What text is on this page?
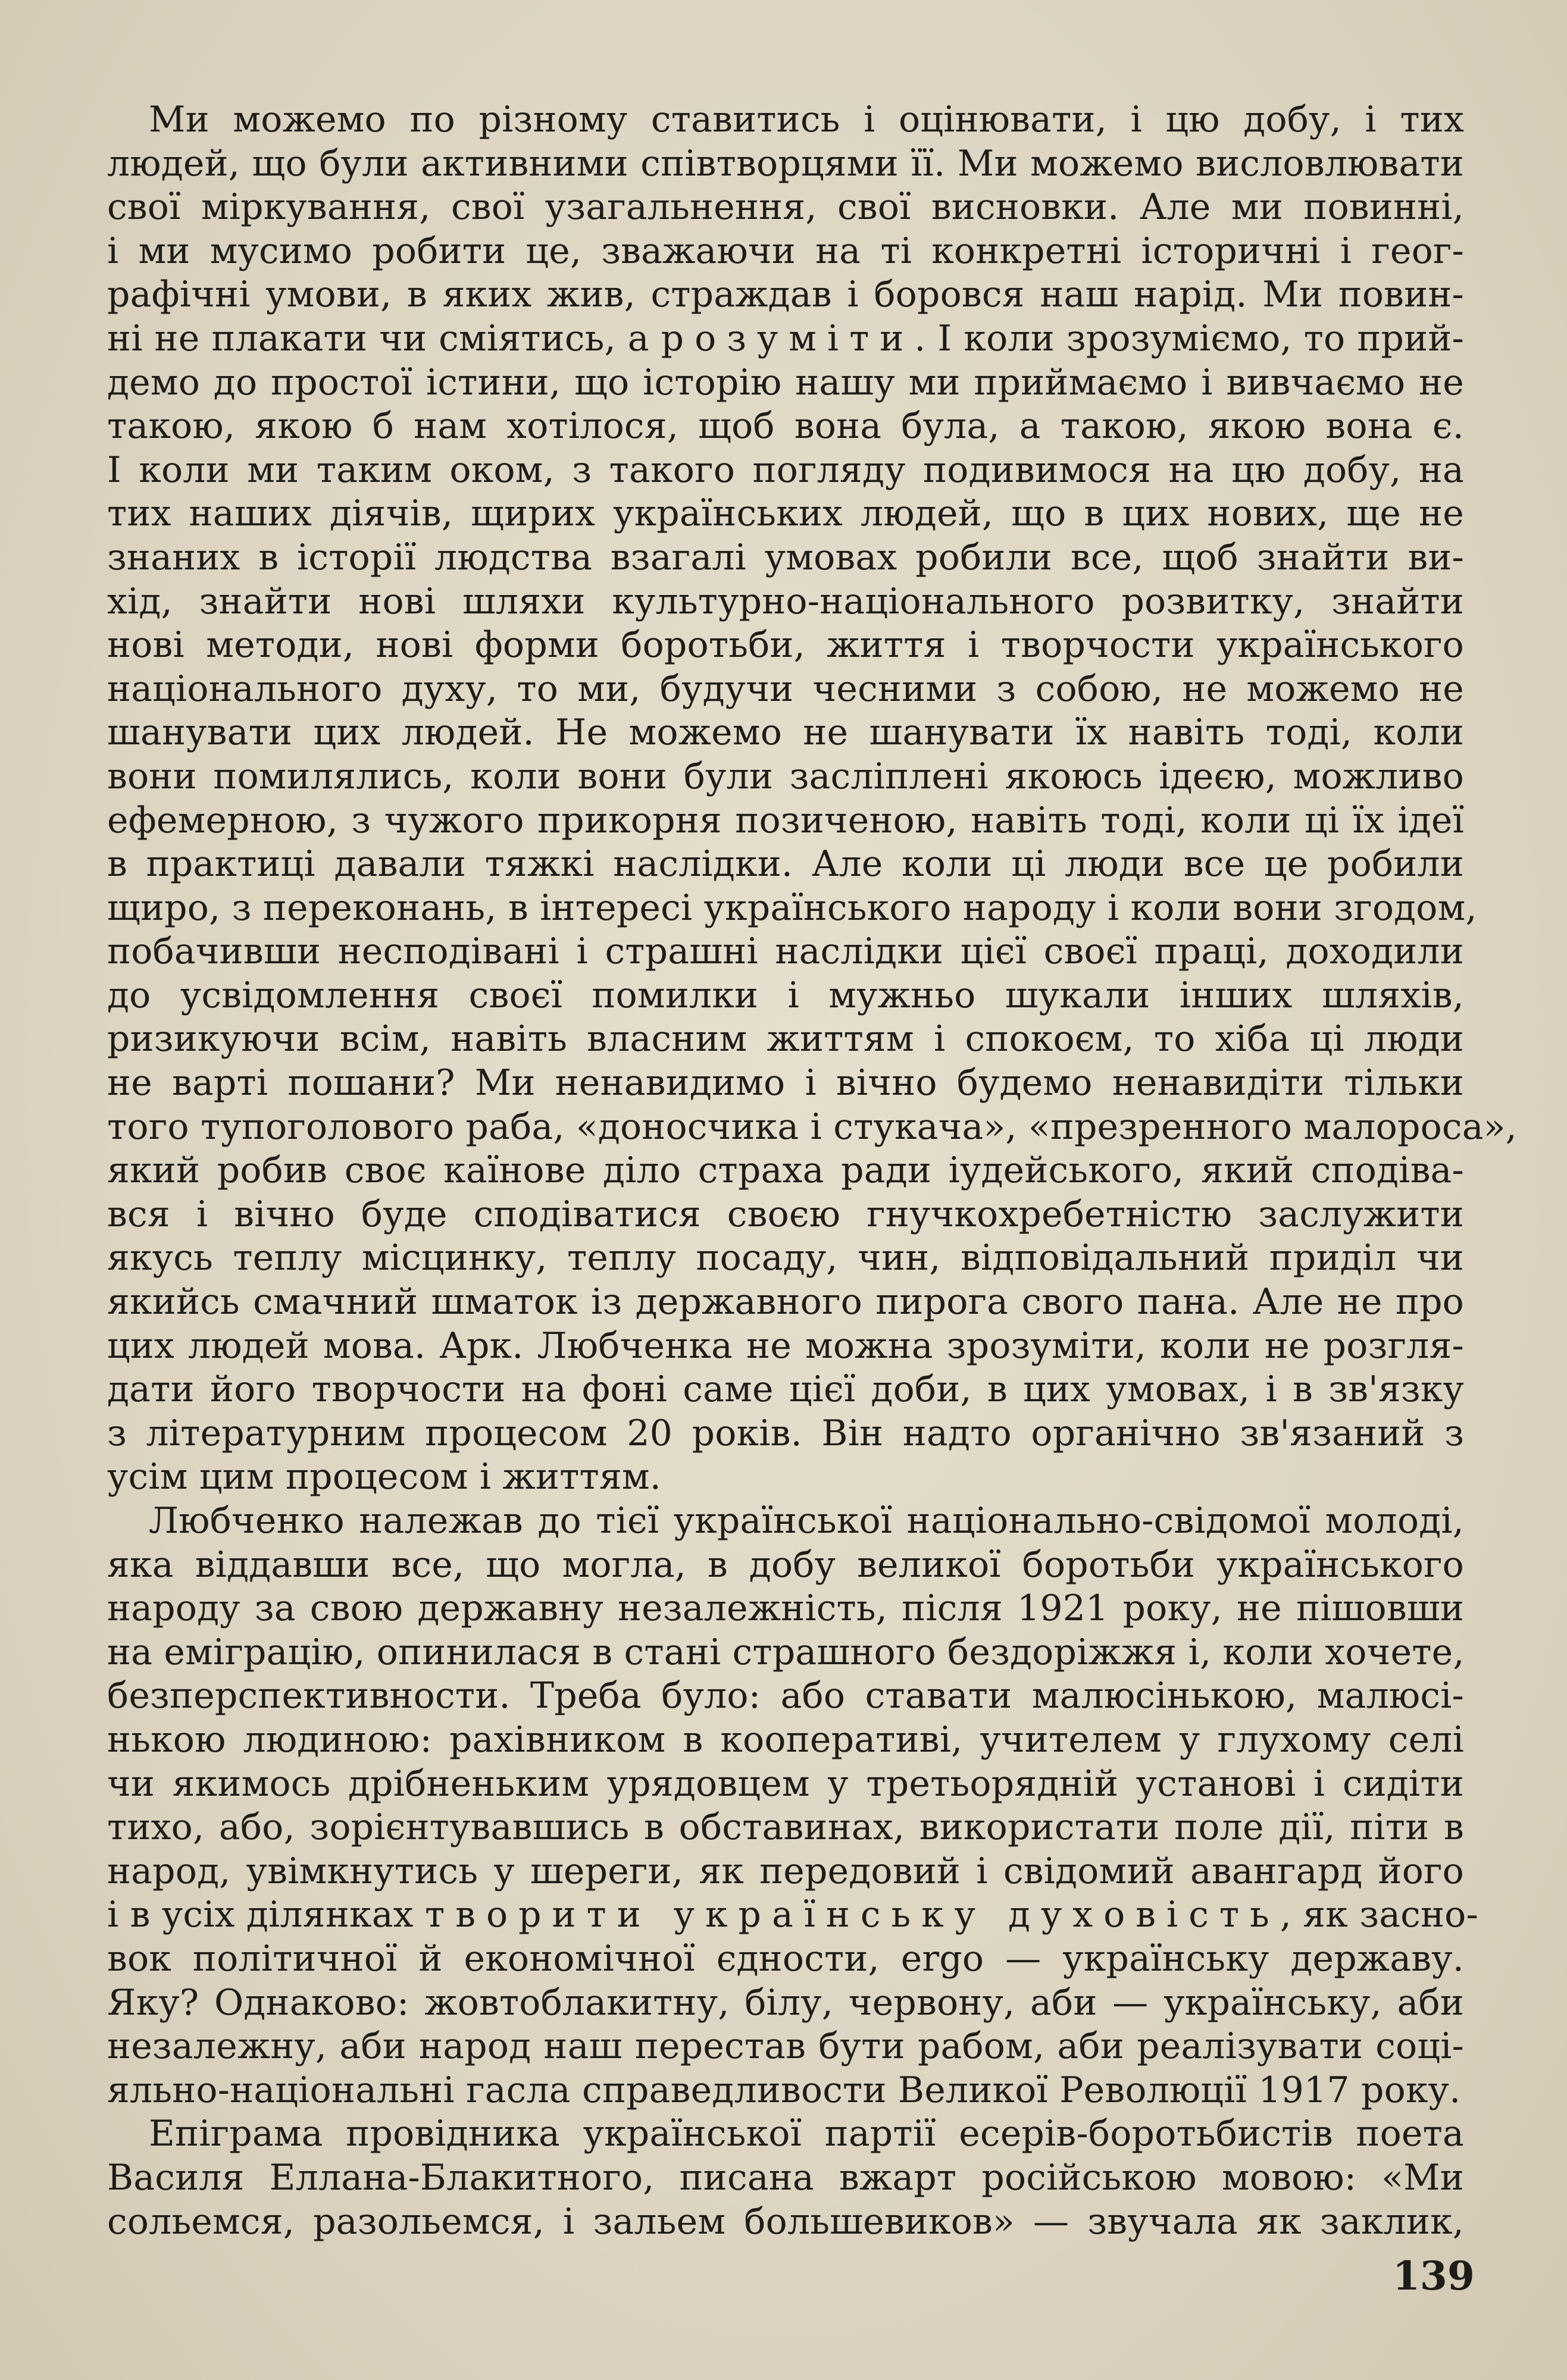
Ми можемо по різному ставитись і оцінювати, і цю добу, і тих
людей, що були активними співтворцями її. Ми можемо висловлювати
свої міркування, свої узагальнення, свої висновки. Але ми повинні,
і ми мусимо робити це, зважаючи на ті конкретні історичні і геог-
рафічні умови, в яких жив, страждав і боровся наш нарід. Ми повин-
ні не плакати чи сміятись, а розуміти. І коли зрозуміємо, то прий-
демо до простої істини, що історію нашу ми приймаємо і вивчаємо не
такою, якою б нам хотілося, щоб вона була, а такою, якою вона є.
І коли ми таким оком, з такого погляду подивимося на цю добу, на
тих наших діячів, щирих українських людей, що в цих нових, ще не
знаних в історії людства взагалі умовах робили все, щоб знайти ви-
хід, знайти нові шляхи культурно-національного розвитку, знайти
нові методи, нові форми боротьби, життя і творчости українського
національного духу, то ми, будучи чесними з собою, не можемо не
шанувати цих людей. Не можемо не шанувати їх навіть тоді, коли
вони помилялись, коли вони були засліплені якоюсь ідеєю, можливо
ефемерною, з чужого прикорня позиченою, навіть тоді, коли ці їх ідеї
в практиці давали тяжкі наслідки. Але коли ці люди все це робили
щиро, з переконань, в інтересі українського народу і коли вони згодом,
побачивши несподівані і страшні наслідки цієї своєї праці, доходили
до усвідомлення своєї помилки і мужньо шукали інших шляхів,
ризикуючи всім, навіть власним життям і спокоєм, то хіба ці люди
не варті пошани? Ми ненавидимо і вічно будемо ненавидіти тільки
того тупоголового раба, «доносчика і стукача», «презренного малороса»,
який робив своє каїнове діло страха ради іудейського, який сподіва-
вся і вічно буде сподіватися своєю гнучкохребетністю заслужити
якусь теплу місцинку, теплу посаду, чин, відповідальний приділ чи
якийсь смачний шматок із державного пирога свого пана. Але не про
цих людей мова. Арк. Любченка не можна зрозуміти, коли не розгля-
дати його творчости на фоні саме цієї доби, в цих умовах, і в зв'язку
з літературним процесом 20 років. Він надто органічно зв'язаний з
усім цим процесом і життям.
Любченко належав до тієї української національно-свідомої молоді,
яка віддавши все, що могла, в добу великої боротьби українського
народу за свою державну незалежність, після 1921 року, не пішовши
на еміграцію, опинилася в стані страшного бездоріжжя і, коли хочете,
безперспективности. Треба було: або ставати малюсінькою, малюсі-
нькою людиною: рахівником в кооперативі, учителем у глухому селі
чи якимось дрібненьким урядовцем у третьорядній установі і сидіти
тихо, або, зорієнтувавшись в обставинах, використати поле дії, піти в
народ, увімкнутись у шереги, як передовий і свідомий авангард його
і в усіх ділянках творити українську духовість, як засно-
вок політичної й економічної єдности, ergo — українську державу.
Яку? Однаково: жовтоблакитну, білу, червону, аби — українську, аби
незалежну, аби народ наш перестав бути рабом, аби реалізувати соці-
яльно-національні гасла справедливости Великої Революції 1917 року.
Епіграма провідника української партії есерів-боротьбистів поета
Василя Еллана-Блакитного, писана вжарт російською мовою: «Ми
сольемся, разольемся, і зальем большевиков» — звучала як заклик,
139
